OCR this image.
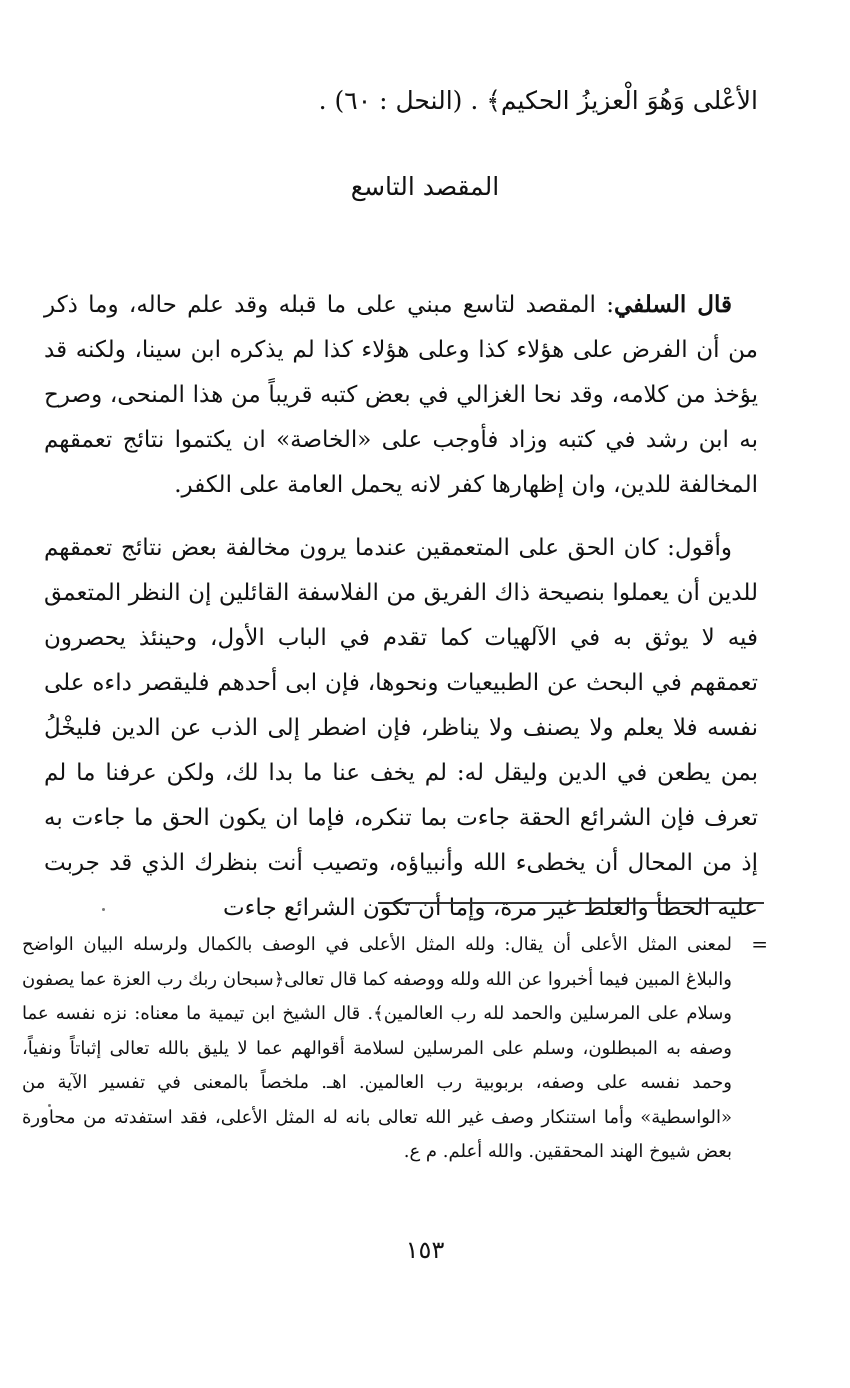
الأعْلى وَهُوَ الْعزيزُ الحكيم﴾ . (النحل : ٦٠) .
المقصد التاسع
قال السلفي: المقصد لتاسع مبني على ما قبله وقد علم حاله، وما ذكر من أن الفرض على هؤلاء كذا وعلى هؤلاء كذا لم يذكره ابن سينا، ولكنه قد يؤخذ من كلامه، وقد نحا الغزالي في بعض كتبه قريباً من هذا المنحى، وصرح به ابن رشد في كتبه وزاد فأوجب على «الخاصة» ان يكتموا نتائج تعمقهم المخالفة للدين، وان إظهارها كفر لانه يحمل العامة على الكفر.
وأقول: كان الحق على المتعمقين عندما يرون مخالفة بعض نتائج تعمقهم للدين أن يعملوا بنصيحة ذاك الفريق من الفلاسفة القائلين إن النظر المتعمق فيه لا يوثق به في الآلهيات كما تقدم في الباب الأول، وحينئذ يحصرون تعمقهم في البحث عن الطبيعيات ونحوها، فإن ابى أحدهم فليقصر داءه على نفسه فلا يعلم ولا يصنف ولا يناظر، فإن اضطر إلى الذب عن الدين فليخْلُ بمن يطعن في الدين وليقل له: لم يخف عنا ما بدا لك، ولكن عرفنا ما لم تعرف فإن الشرائع الحقة جاءت بما تنكره، فإما ان يكون الحق ما جاءت به إذ من المحال أن يخطىء الله وأنبياؤه، وتصيب أنت بنظرك الذي قد جربت عليه الخطأ والغلط غير مرة، وإما أن تكون الشرائع جاءت
=
لمعنى المثل الأعلى أن يقال: ولله المثل الأعلى في الوصف بالكمال ولرسله البيان الواضح والبلاغ المبين فيما أخبروا عن الله ولله ووصفه كما قال تعالى﴿سبحان ربك رب العزة عما يصفون وسلام على المرسلين والحمد لله رب العالمين﴾. قال الشيخ ابن تيمية ما معناه: نزه نفسه عما وصفه به المبطلون، وسلم على المرسلين لسلامة أقوالهم عما لا يليق بالله تعالى إثباتاً ونفياً، وحمد نفسه على وصفه، بربوبية رب العالمين. اهـ. ملخصاً بالمعنى في تفسير الآية من «الواسطية» وأما استنكار وصف غير الله تعالى بانه له المثل الأعلى، فقد استفدته من محاورة بعض شيوخ الهند المحققين. والله أعلم. م ع.
١٥٣
